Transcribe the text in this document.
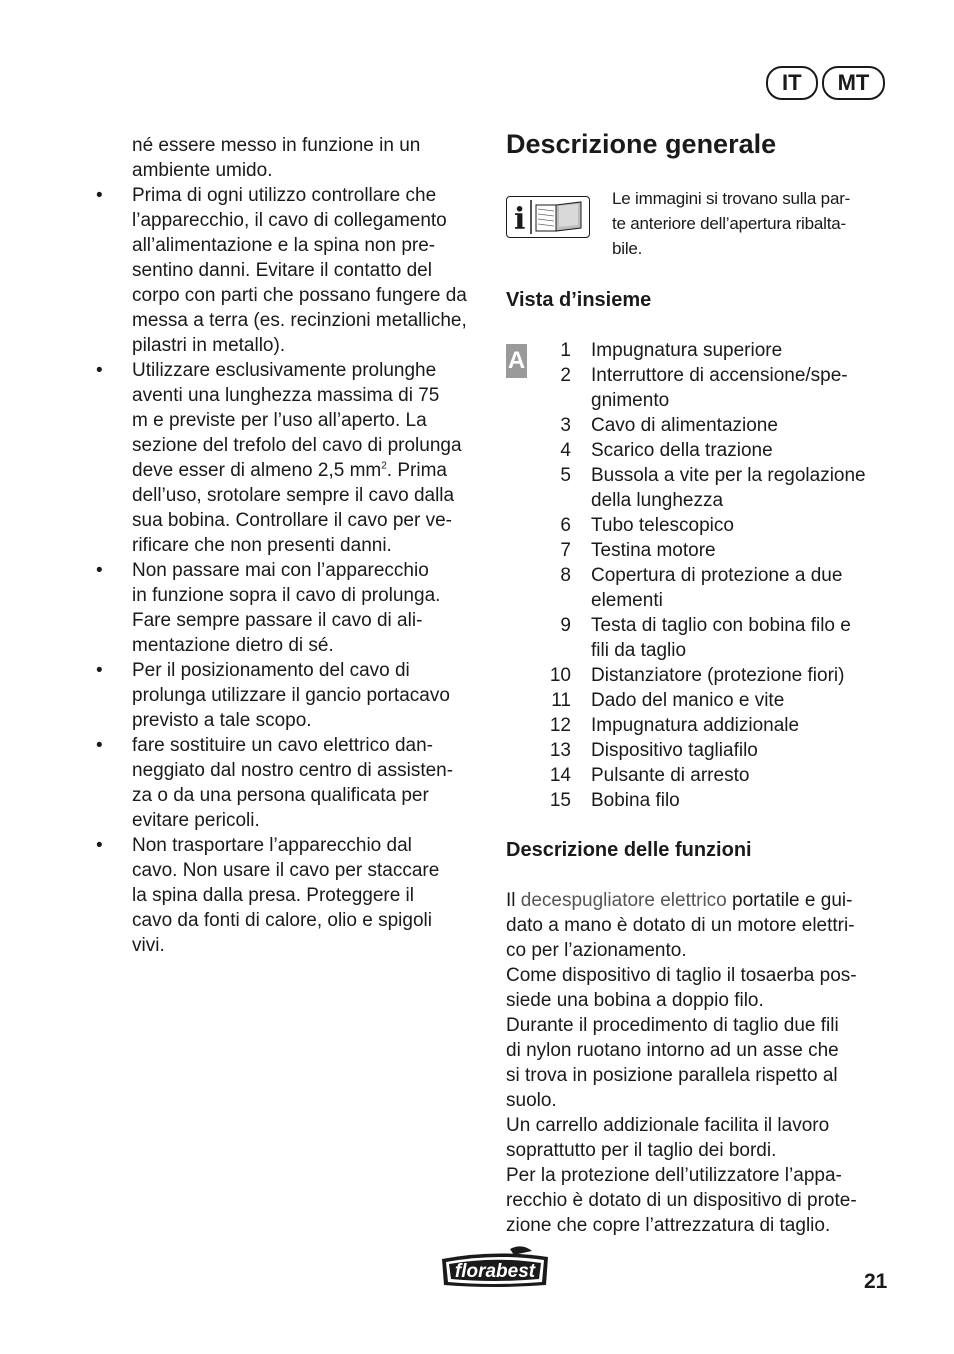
IT	MT

né essere messo in funzione in un

ambiente umido.

•	Prima di ogni utilizzo controllare che

l’apparecchio, il cavo di collegamento

all’alimentazione e la spina non pre-

sentino danni. Evitare il contatto del

corpo con parti che possano fungere da

messa a terra (es. recinzioni metalliche,

pilastri in metallo).

•	Utilizzare esclusivamente prolunghe

aventi una lunghezza massima di 75

m e previste per l’uso all’aperto. La

sezione del trefolo del cavo di prolunga

deve esser di almeno 2,5 $mm^2$. Prima

dell’uso, srotolare sempre il cavo dalla

sua bobina. Controllare il cavo per ve-

rificare che non presenti danni.

•	Non passare mai con l’apparecchio

in funzione sopra il cavo di prolunga.

Fare sempre passare il cavo di ali-

mentazione dietro di sé.

•	Per il posizionamento del cavo di

prolunga utilizzare il gancio portacavo

previsto a tale scopo.

•	fare sostituire un cavo elettrico dan-

neggiato dal nostro centro di assisten-

za o da una persona qualificata per

evitare pericoli.

•	Non trasportare l’apparecchio dal

cavo. Non usare il cavo per staccare

la spina dalla presa. Proteggere il

cavo da fonti di calore, olio e spigoli

vivi.

Descrizione generale
i
Le immagini si trovano sulla par-
te anteriore dell’apertura ribalta-
bile.
Vista d’insieme
A	1	Impugnatura superiore
2	Interruttore di accensione/spe-
gnimento
3	Cavo di alimentazione
4	Scarico della trazione
5	Bussola a vite per la regolazione
della lunghezza
6	Tubo telescopico
7	Testina motore
8	Copertura di protezione a due
elementi
9	Testa di taglio con bobina filo e
fili da taglio
10	Distanziatore (protezione fiori)
11	Dado del manico e vite
12	Impugnatura addizionale
13	Dispositivo tagliafilo
14	Pulsante di arresto
15	Bobina filo
Descrizione delle funzioni

Il decespugliatore elettrico portatile e gui-

dato a mano è dotato di un motore elettri-

co per l’azionamento.

Come dispositivo di taglio il tosaerba pos-

siede una bobina a doppio filo.

Durante il procedimento di taglio due fili

di nylon ruotano intorno ad un asse che

si trova in posizione parallela rispetto al

suolo.

Un carrello addizionale facilita il lavoro

soprattutto per il taglio dei bordi.

Per la protezione dell’utilizzatore l’appa-

recchio è dotato di un dispositivo di prote-

zione che copre l’attrezzatura di taglio.

florabest	21
